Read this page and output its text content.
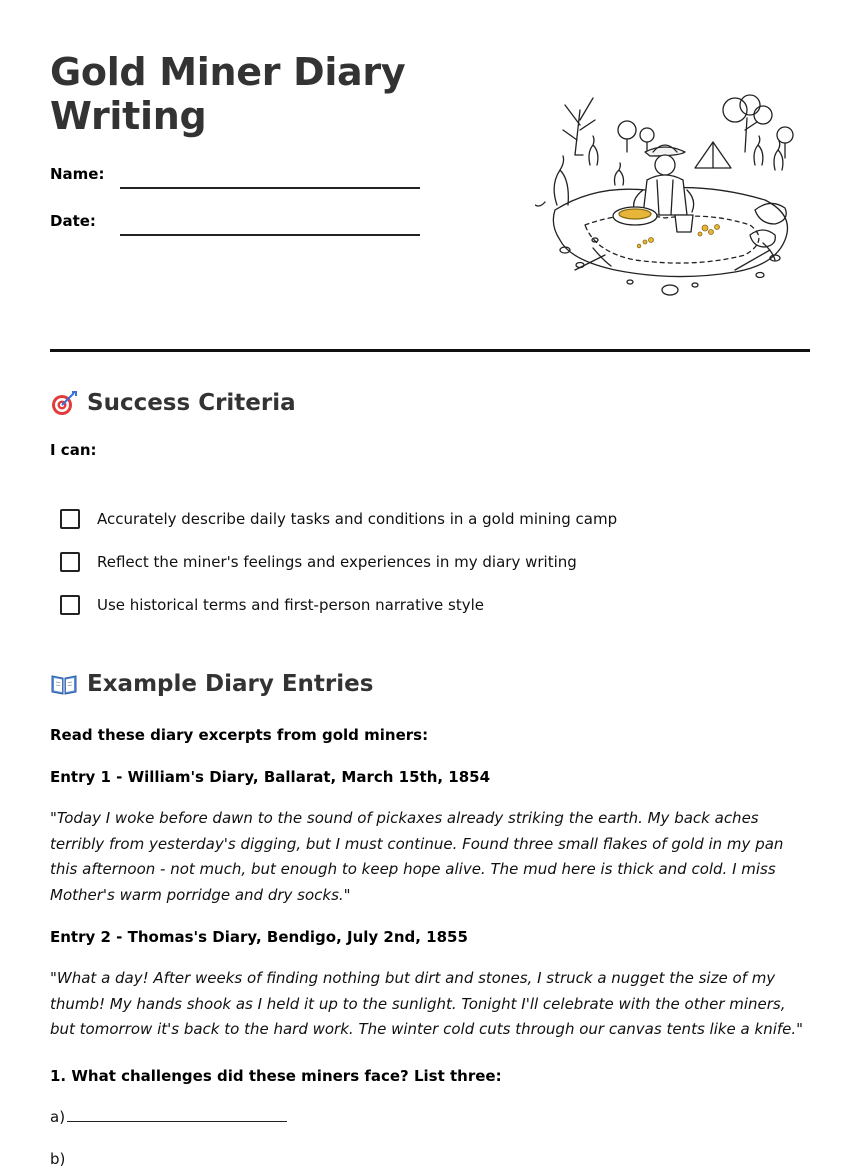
Gold Miner Diary
Writing
Name:
Date:
Success Criteria
I can:
Accurately describe daily tasks and conditions in a gold mining camp
Reflect the miner's feelings and experiences in my diary writing
Use historical terms and first-person narrative style
Example Diary Entries
Read these diary excerpts from gold miners:
Entry 1 - William's Diary, Ballarat, March 15th, 1854
"Today I woke before dawn to the sound of pickaxes already striking the earth. My back aches terribly from yesterday's digging, but I must continue. Found three small flakes of gold in my pan this afternoon - not much, but enough to keep hope alive. The mud here is thick and cold. I miss Mother's warm porridge and dry socks."
Entry 2 - Thomas's Diary, Bendigo, July 2nd, 1855
"What a day! After weeks of finding nothing but dirt and stones, I struck a nugget the size of my thumb! My hands shook as I held it up to the sunlight. Tonight I'll celebrate with the other miners, but tomorrow it's back to the hard work. The winter cold cuts through our canvas tents like a knife."
1. What challenges did these miners face? List three:
a)
b)
